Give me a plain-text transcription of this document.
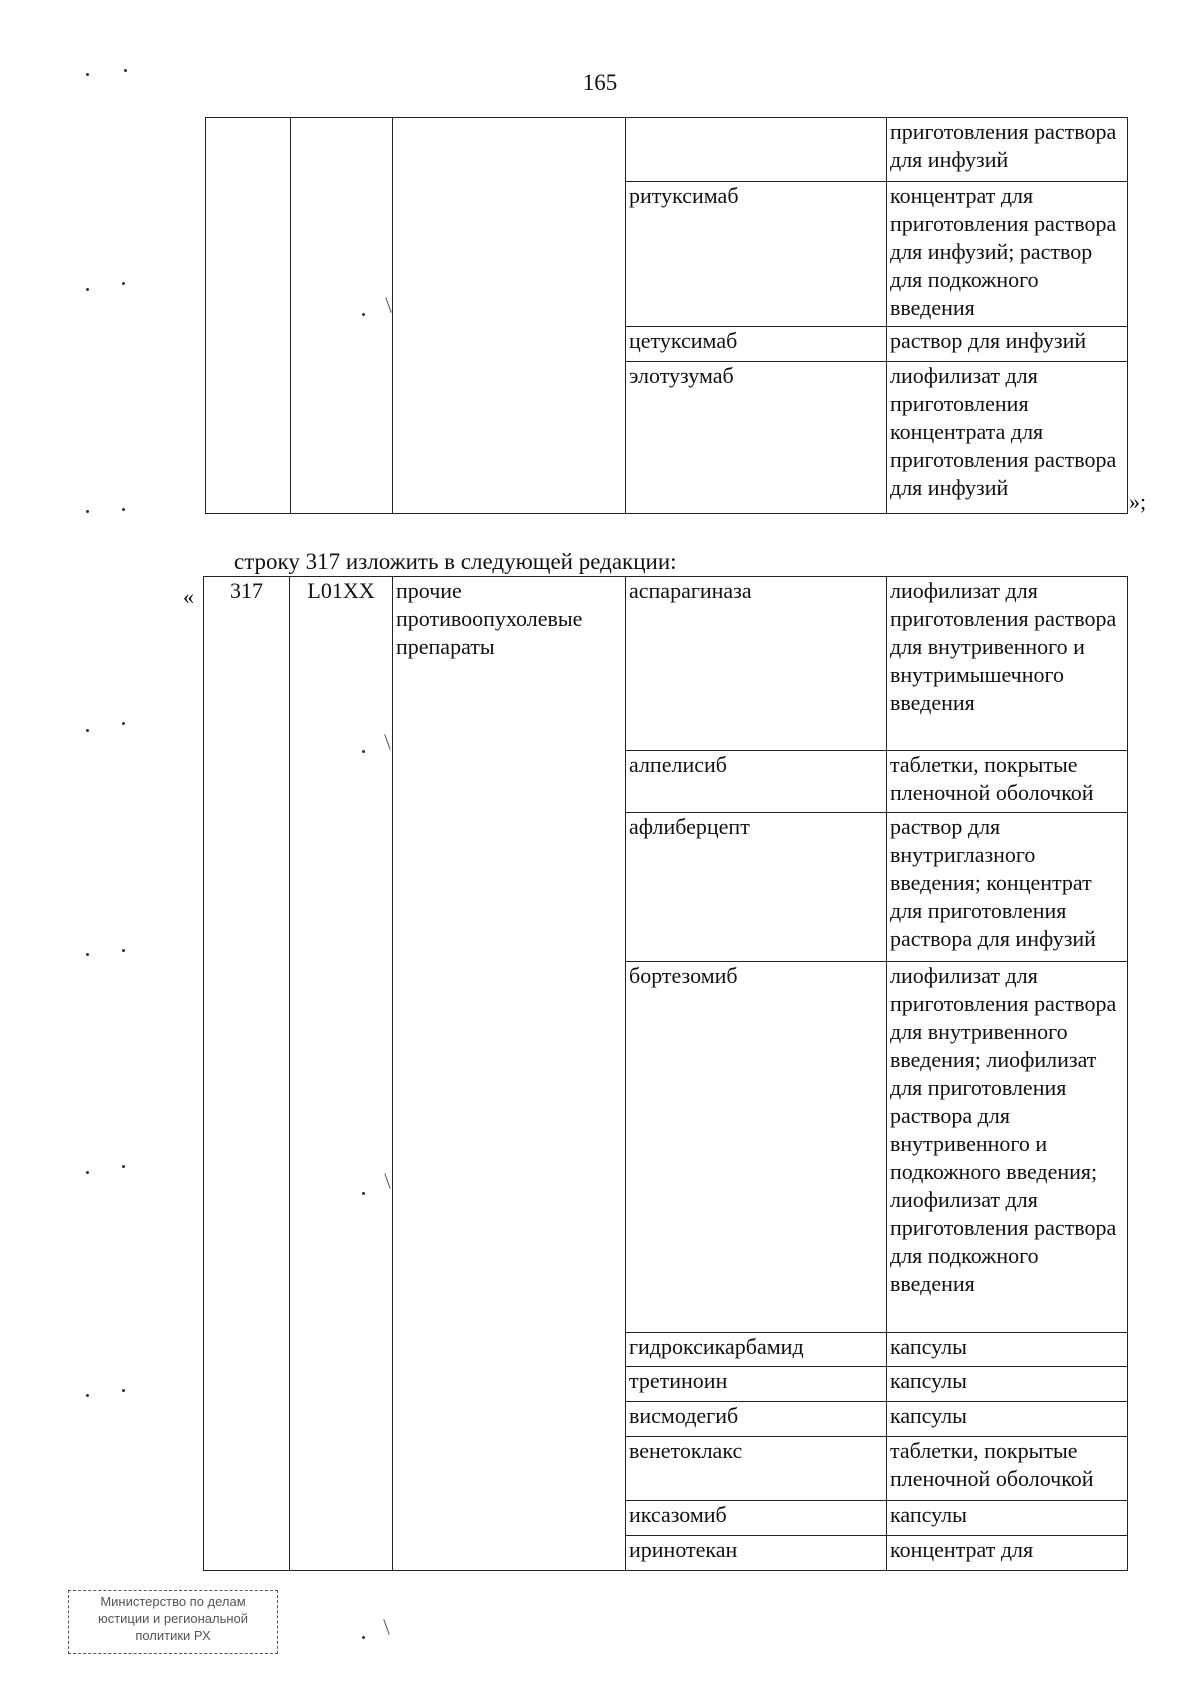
165
				приготовления раствора для инфузий
			ритуксимаб	концентрат для приготовления раствора для инфузий; раствор для подкожного введения
			цетуксимаб	раствор для инфузий
			элотузумаб	лиофилизат для приготовления концентрата для приготовления раствора для инфузий
»;
строку 317 изложить в следующей редакции:
« 317	L01XX	прочие противоопухолевые препараты	аспарагиназа	лиофилизат для приготовления раствора для внутривенного и внутримышечного введения
			алпелисиб	таблетки, покрытые пленочной оболочкой
			афлиберцепт	раствор для внутриглазного введения; концентрат для приготовления раствора для инфузий
			бортезомиб	лиофилизат для приготовления раствора для внутривенного введения; лиофилизат для приготовления раствора для внутривенного и подкожного введения; лиофилизат для приготовления раствора для подкожного введения
			гидроксикарбамид	капсулы
			третиноин	капсулы
			висмодегиб	капсулы
			венетоклакс	таблетки, покрытые пленочной оболочкой
			иксазомиб	капсулы
			иринотекан	концентрат для
Министерство по делам
юстиции и региональной
политики РХ
